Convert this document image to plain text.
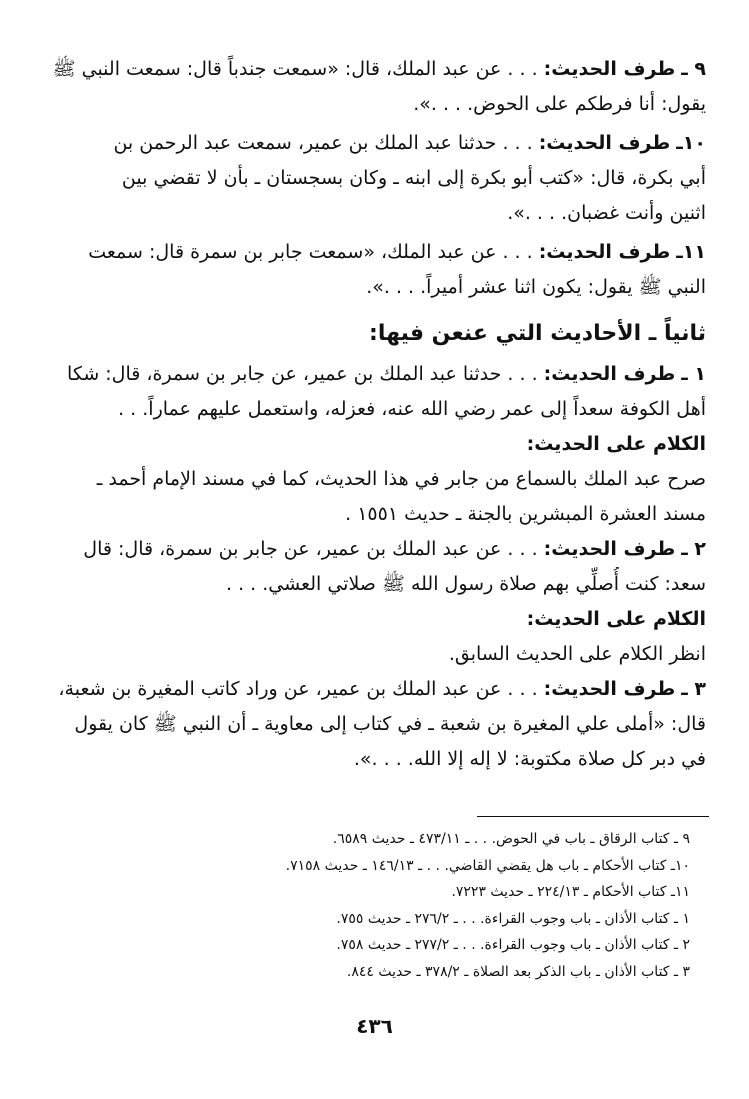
٩ ـ طرف الحديث: . . . عن عبد الملك، قال: «سمعت جندباً قال: سمعت النبي ﷺ
يقول: أنا فرطكم على الحوض. . . .».
١٠ـ طرف الحديث: . . . حدثنا عبد الملك بن عمير، سمعت عبد الرحمن بن
أبي بكرة، قال: «كتب أبو بكرة إلى ابنه ـ وكان بسجستان ـ بأن لا تقضي بين
اثنين وأنت غضبان. . . .».
١١ـ طرف الحديث: . . . عن عبد الملك، «سمعت جابر بن سمرة قال: سمعت
النبي ﷺ يقول: يكون اثنا عشر أميراً. . . .».
ثانياً ـ الأحاديث التي عنعن فيها:
١ ـ طرف الحديث: . . . حدثنا عبد الملك بن عمير، عن جابر بن سمرة، قال: شكا
أهل الكوفة سعداً إلى عمر رضي الله عنه، فعزله، واستعمل عليهم عماراً. . .
الكلام على الحديث:
صرح عبد الملك بالسماع من جابر في هذا الحديث، كما في مسند الإمام أحمد ـ
مسند العشرة المبشرين بالجنة ـ حديث ١٥٥١ .
٢ ـ طرف الحديث: . . . عن عبد الملك بن عمير، عن جابر بن سمرة، قال: قال
سعد: كنت أُصلِّي بهم صلاة رسول الله ﷺ صلاتي العشي. . . .
الكلام على الحديث:
انظر الكلام على الحديث السابق.
٣ ـ طرف الحديث: . . . عن عبد الملك بن عمير، عن وراد كاتب المغيرة بن شعبة،
قال: «أملى علي المغيرة بن شعبة ـ في كتاب إلى معاوية ـ أن النبي ﷺ كان يقول
في دبر كل صلاة مكتوبة: لا إله إلا الله. . . .».
٩ ـ كتاب الرقاق ـ باب في الحوض. . . ـ ٤٧٣/١١ ـ حديث ٦٥٨٩.
١٠ـ كتاب الأحكام ـ باب هل يقضي القاضي. . . ـ ١٤٦/١٣ ـ حديث ٧١٥٨.
١١ـ كتاب الأحكام ـ ٢٢٤/١٣ ـ حديث ٧٢٢٣.
١ ـ كتاب الأذان ـ باب وجوب القراءة. . . ـ ٢٧٦/٢ ـ حديث ٧٥٥.
٢ ـ كتاب الأذان ـ باب وجوب القراءة. . . ـ ٢٧٧/٢ ـ حديث ٧٥٨.
٣ ـ كتاب الأذان ـ باب الذكر بعد الصلاة ـ ٣٧٨/٢ ـ حديث ٨٤٤.
٤٣٦
